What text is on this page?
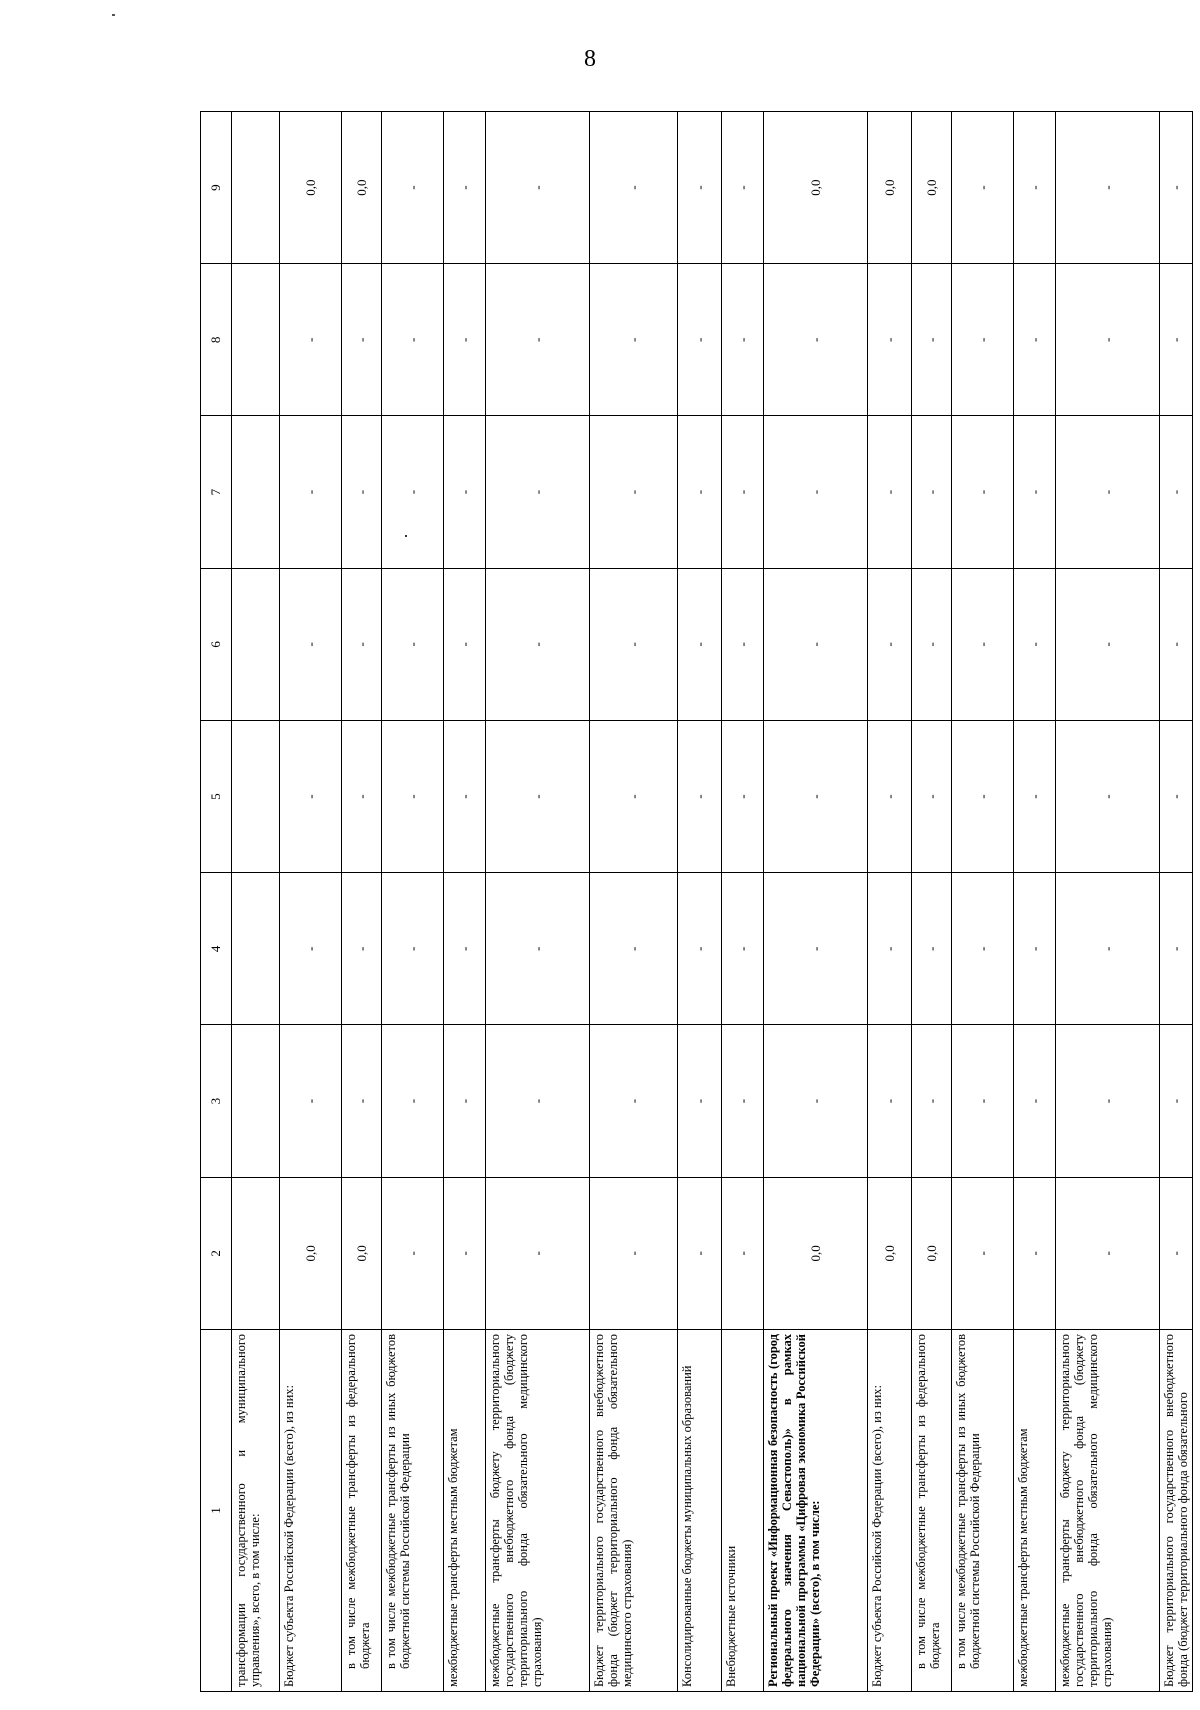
8
1	2	3	4	5	6	7	8	9
трансформации государственного и муниципального управления», всего, в том числе:								
Бюджет субъекта Российской Федерации (всего), из них:	0,0	-	-	-	-	-	-	0,0
в том числе межбюджетные трансферты из федерального бюджета	0,0	-	-	-	-	-	-	0,0
в том числе межбюджетные трансферты из иных бюджетов бюджетной системы Российской Федерации	-	-	-	-	-	-	-	-
межбюджетные трансферты местным бюджетам	-	-	-	-	-	-	-	-
межбюджетные трансферты бюджету территориального государственного внебюджетного фонда (бюджету территориального фонда обязательного медицинского страхования)	-	-	-	-	-	-	-	-
Бюджет территориального государственного внебюджетного фонда (бюджет территориального фонда обязательного медицинского страхования)	-	-	-	-	-	-	-	-
Консолидированные бюджеты муниципальных образований	-	-	-	-	-	-	-	-
Внебюджетные источники	-	-	-	-	-	-	-	-
Региональный проект «Информационная безопасность (город федерального значения Севастополь)» в рамках национальной программы «Цифровая экономика Российской Федерации» (всего), в том числе:	0,0	-	-	-	-	-	-	0,0
Бюджет субъекта Российской Федерации (всего), из них:	0,0	-	-	-	-	-	-	0,0
в том числе межбюджетные трансферты из федерального бюджета	0,0	-	-	-	-	-	-	0,0
в том числе межбюджетные трансферты из иных бюджетов бюджетной системы Российской Федерации	-	-	-	-	-	-	-	-
межбюджетные трансферты местным бюджетам	-	-	-	-	-	-	-	-
межбюджетные трансферты бюджету территориального государственного внебюджетного фонда (бюджету территориального фонда обязательного медицинского страхования)	-	-	-	-	-	-	-	-
Бюджет территориального государственного внебюджетного фонда (бюджет территориального фонда обязательного	-	-	-	-	-	-	-	-
